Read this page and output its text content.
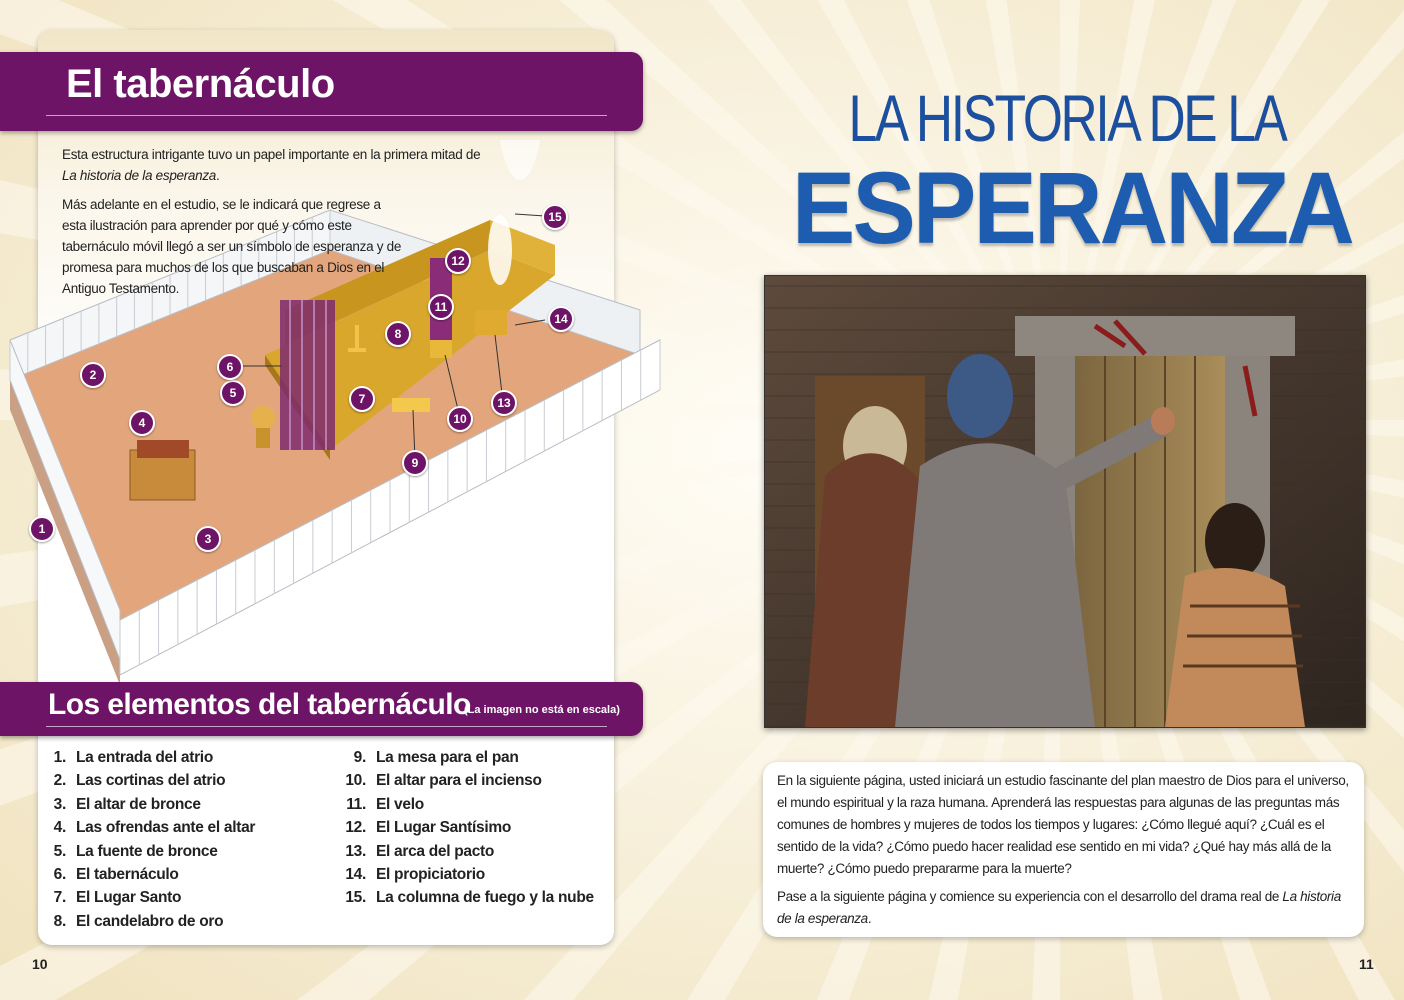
1
2
3
4
5
6
7
8
9
10
11
12
13
14
15
El tabernáculo
Esta estructura intrigante tuvo un papel importante en la primera mitad de La historia de la esperanza.
Más adelante en el estudio, se le indicará que regrese a esta ilustración para aprender por qué y cómo este tabernáculo móvil llegó a ser un símbolo de esperanza y de promesa para muchos de los que buscaban a Dios en el Antiguo Testamento.
Los elementos del tabernáculo
(La imagen no está en escala)
1. La entrada del atrio
2. Las cortinas del atrio
3. El altar de bronce
4. Las ofrendas ante el altar
5. La fuente de bronce
6. El tabernáculo
7. El Lugar Santo
8. El candelabro de oro
9. La mesa para el pan
10. El altar para el incienso
11. El velo
12. El Lugar Santísimo
13. El arca del pacto
14. El propiciatorio
15. La columna de fuego y la nube
10
LA HISTORIA DE LA
ESPERANZA
En la siguiente página, usted iniciará un estudio fascinante del plan maestro de Dios para el universo, el mundo espiritual y la raza humana. Aprenderá las respuestas para algunas de las preguntas más comunes de hombres y mujeres de todos los tiempos y lugares: ¿Cómo llegué aquí? ¿Cuál es el sentido de la vida? ¿Cómo puedo hacer realidad ese sentido en mi vida? ¿Qué hay más allá de la muerte? ¿Cómo puedo prepararme para la muerte?
Pase a la siguiente página y comience su experiencia con el desarrollo del drama real de La historia de la esperanza.
11
